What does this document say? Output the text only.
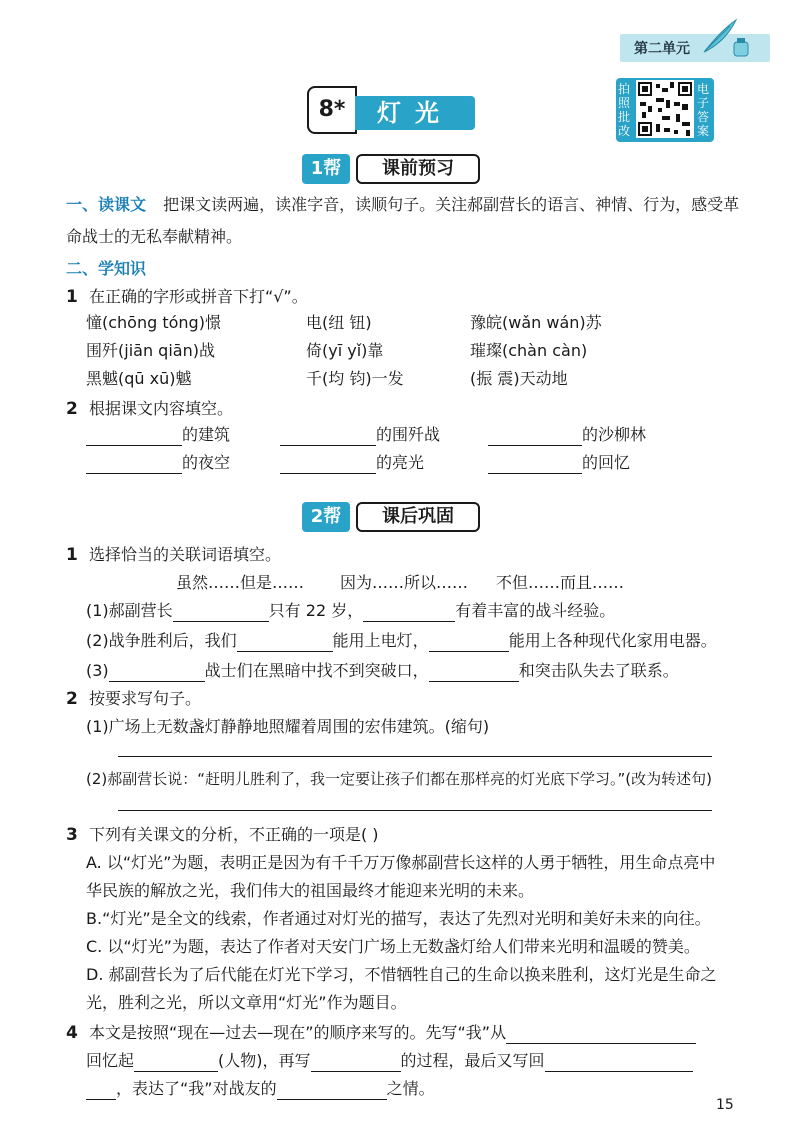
第二单元
8*	灯光
拍照批改
电子答案
1帮	课前预习
一、读课文 把课文读两遍，读准字音，读顺句子。关注郝副营长的语言、神情、行为，感受革
命战士的无私奉献精神。
二、学知识
1 在正确的字形或拼音下打“√”。
憧(chōng tóng)憬	电(纽 钮)	豫皖(wǎn wán)苏
围歼(jiān qiān)战	倚(yī yǐ)靠	璀璨(chàn càn)
黑魆(qū xū)魆	千(均 钧)一发	(振 震)天动地
2 根据课文内容填空。
的建筑	的围歼战	的沙柳林
的夜空	的亮光	的回忆
2帮	课后巩固
1 选择恰当的关联词语填空。
虽然……但是…… 因为……所以…… 不但……而且……
(1)郝副营长	只有 22 岁，	有着丰富的战斗经验。
(2)战争胜利后，我们	能用上电灯，	能用上各种现代化家用电器。
(3)	战士们在黑暗中找不到突破口，	和突击队失去了联系。
2 按要求写句子。
(1)广场上无数盏灯静静地照耀着周围的宏伟建筑。(缩句)
(2)郝副营长说：“赶明儿胜利了，我一定要让孩子们都在那样亮的灯光底下学习。”(改为转述句)
3 下列有关课文的分析，不正确的一项是( )
A. 以“灯光”为题，表明正是因为有千千万万像郝副营长这样的人勇于牺牲，用生命点亮中
华民族的解放之光，我们伟大的祖国最终才能迎来光明的未来。
B.“灯光”是全文的线索，作者通过对灯光的描写，表达了先烈对光明和美好未来的向往。
C. 以“灯光”为题，表达了作者对天安门广场上无数盏灯给人们带来光明和温暖的赞美。
D. 郝副营长为了后代能在灯光下学习，不惜牺牲自己的生命以换来胜利，这灯光是生命之
光，胜利之光，所以文章用“灯光”作为题目。
4 本文是按照“现在—过去—现在”的顺序来写的。先写“我”从
回忆起	(人物)，再写	的过程，最后又写回
，表达了“我”对战友的	之情。
15
